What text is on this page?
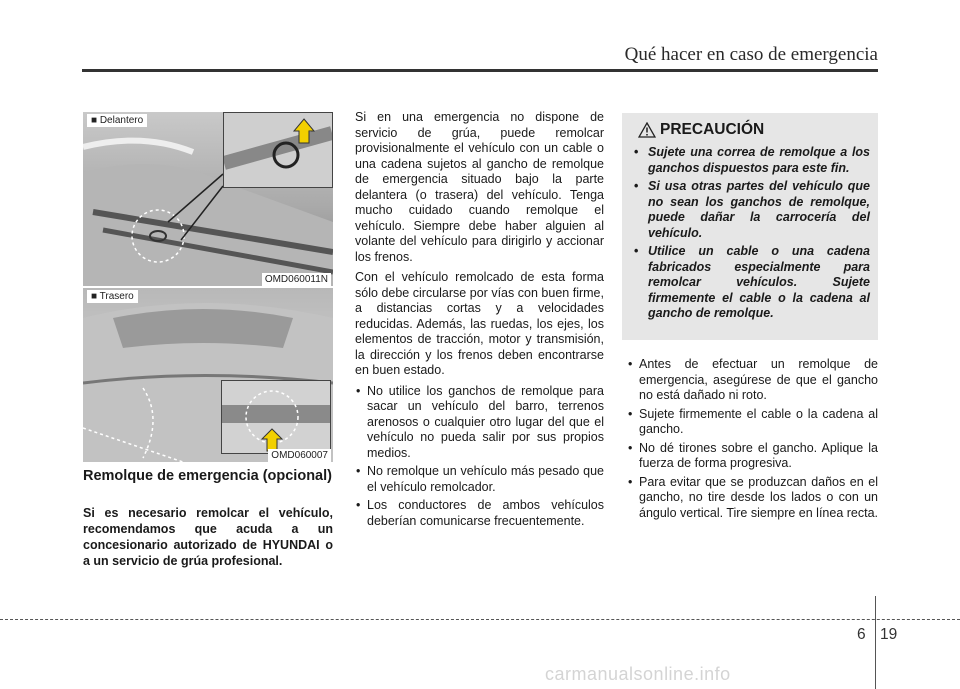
Qué hacer en caso de emergencia
■ Delantero
OMD060011N
■ Trasero
OMD060007
Remolque de emergencia (opcional)
Si es necesario remolcar el vehículo, recomendamos que acuda a un concesionario autorizado de HYUNDAI o a un servicio de grúa profesional.

Si en una emergencia no dispone de servicio de grúa, puede remolcar provisionalmente el vehículo con un cable o una cadena sujetos al gancho de remolque de emergencia situado bajo la parte delantera (o trasera) del vehículo. Tenga mucho cuidado cuando remolque el vehículo. Siempre debe haber alguien al volante del vehículo para dirigirlo y accionar los frenos.

Con el vehículo remolcado de esta forma sólo debe circularse por vías con buen firme, a distancias cortas y a velocidades reducidas. Además, las ruedas, los ejes, los elementos de tracción, motor y transmisión, la dirección y los frenos deben encontrarse en buen estado.

• No utilice los ganchos de remolque para sacar un vehículo del barro, terrenos arenosos o cualquier otro lugar del que el vehículo no pueda salir por sus propios medios.
• No remolque un vehículo más pesado que el vehículo remolcador.
• Los conductores de ambos vehículos deberían comunicarse frecuentemente.
PRECAUCIÓN
• Sujete una correa de remolque a los ganchos dispuestos para este fin.
• Si usa otras partes del vehículo que no sean los ganchos de remolque, puede dañar la carrocería del vehículo.
• Utilice un cable o una cadena fabricados especialmente para remolcar vehículos. Sujete firmemente el cable o la cadena al gancho de remolque.
• Antes de efectuar un remolque de emergencia, asegúrese de que el gancho no está dañado ni roto.
• Sujete firmemente el cable o la cadena al gancho.
• No dé tirones sobre el gancho. Aplique la fuerza de forma progresiva.
• Para evitar que se produzcan daños en el gancho, no tire desde los lados o con un ángulo vertical. Tire siempre en línea recta.
6 19
carmanualsonline.info
